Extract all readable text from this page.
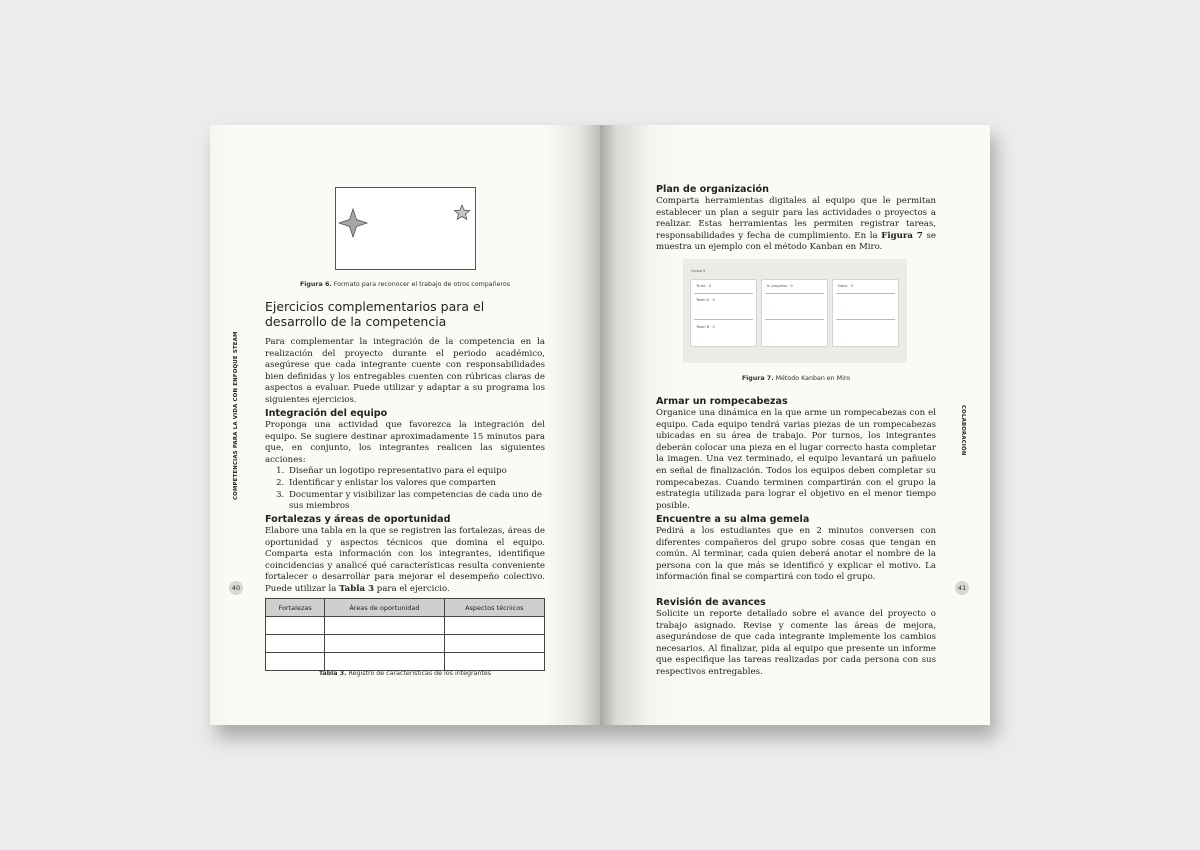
COMPETENCIAS PARA LA VIDA CON ENFOQUE STEAM
40
Figura 6. Formato para reconocer el trabajo de otros compañeros
Ejercicios complementarios para el
desarrollo de la competencia
Para complementar la integración de la competencia en la realización del proyecto durante el periodo académico, asegúrese que cada integrante cuente con responsabilidades bien definidas y los entregables cuenten con rúbricas claras de aspectos a evaluar. Puede utilizar y adaptar a su programa los siguientes ejercicios.
Integración del equipo
Proponga una actividad que favorezca la integración del equipo. Se sugiere destinar aproximadamente 15 minutos para que, en conjunto, los integrantes realicen las siguientes acciones:
1. Diseñar un logotipo representativo para el equipo
2. Identificar y enlistar los valores que comparten
3. Documentar y visibilizar las competencias de cada uno de sus miembros
Fortalezas y áreas de oportunidad
Elabore una tabla en la que se registren las fortalezas, áreas de oportunidad y aspectos técnicos que domina el equipo. Comparta esta información con los integrantes, identifique coincidencias y analicé qué características resulta conveniente fortalecer o desarrollar para mejorar el desempeño colectivo. Puede utilizar la Tabla 3 para el ejercicio.
Fortalezas	Áreas de oportunidad	Aspectos técnicos

Tabla 3. Registro de características de los integrantes
COLABORACIÓN
41
Plan de organización
Comparta herramientas digitales al equipo que le permitan establecer un plan a seguir para las actividades o proyectos a realizar. Estas herramientas les permiten registrar tareas, responsabilidades y fecha de cumplimiento. En la Figura 7 se muestra un ejemplo con el método Kanban en Miro.
Grupo 5
To do · 0
Team A · 0
·
Team B · 0
·
In progress · 0
·
·
Done · 0
·
·
Figura 7. Método Kanban en Miro
Armar un rompecabezas
Organice una dinámica en la que arme un rompecabezas con el equipo. Cada equipo tendrá varias piezas de un rompecabezas ubicadas en su área de trabajo. Por turnos, los integrantes deberán colocar una pieza en el lugar correcto hasta completar la imagen. Una vez terminado, el equipo levantará un pañuelo en señal de finalización. Todos los equipos deben completar su rompecabezas. Cuando terminen compartirán con el grupo la estrategia utilizada para lograr el objetivo en el menor tiempo posible.
Encuentre a su alma gemela
Pedirá a los estudiantes que en 2 minutos conversen con diferentes compañeros del grupo sobre cosas que tengan en común. Al terminar, cada quien deberá anotar el nombre de la persona con la que más se identificó y explicar el motivo. La información final se compartirá con todo el grupo.
Revisión de avances
Solicite un reporte detallado sobre el avance del proyecto o trabajo asignado. Revise y comente las áreas de mejora, asegurándose de que cada integrante implemente los cambios necesarios. Al finalizar, pida al equipo que presente un informe que especifique las tareas realizadas por cada persona con sus respectivos entregables.
